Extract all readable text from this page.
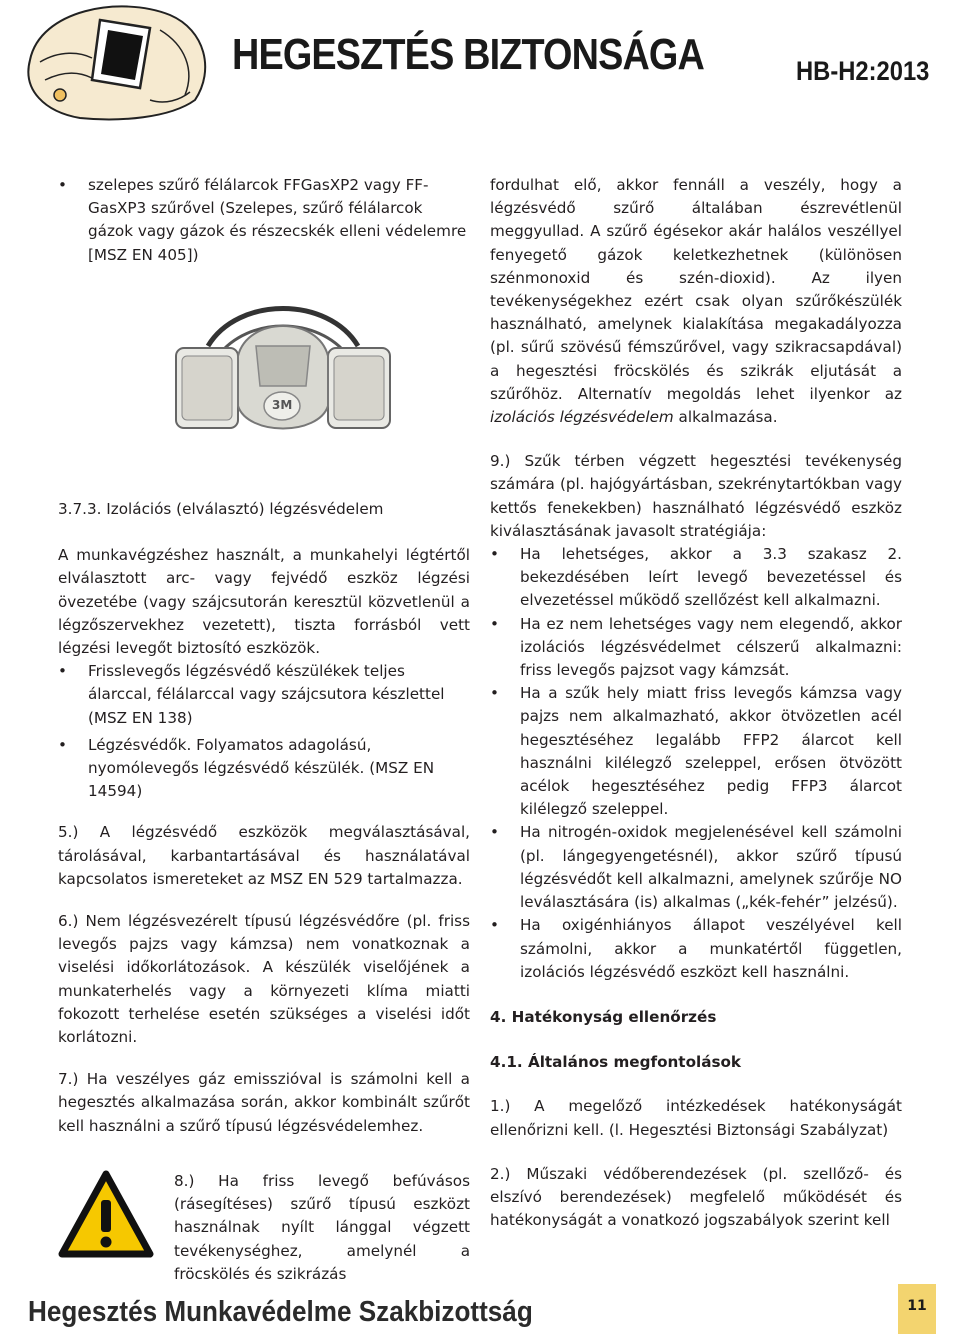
HEGESZTÉS BIZTONSÁGA	HB-H2:2013

• szelepes szűrő félálarcok FFGasXP2 vagy FF-GasXP3 szűrővel (Szelepes, szűrő félálarcok gázok vagy gázok és részecskék elleni védelemre [MSZ EN 405])

3M

3.7.3. Izolációs (elválasztó) légzésvédelem

A munkavégzéshez használt, a munkahelyi légtértől elválasztott arc- vagy fejvédő eszköz légzési övezetébe (vagy szájcsutorán keresztül közvetlenül a légzőszervekhez vezetett), tiszta forrásból vett légzési levegőt biztosító eszközök.

• Frisslevegős légzésvédő készülékek teljes álarccal, félálarccal vagy szájcsutora készlettel (MSZ EN 138)

• Légzésvédők. Folyamatos adagolású, nyomólevegős légzésvédő készülék. (MSZ EN 14594)

5.) A légzésvédő eszközök megválasztásával, tárolásával, karbantartásával és használatával kapcsolatos ismereteket az MSZ EN 529 tartalmazza.

6.) Nem légzésvezérelt típusú légzésvédőre (pl. friss levegős pajzs vagy kámzsa) nem vonatkoznak a viselési időkorlátozások. A készülék viselőjének a munkaterhelés vagy a környezeti klíma miatti fokozott terhelése esetén szükséges a viselési időt korlátozni.

7.) Ha veszélyes gáz emisszióval is számolni kell a hegesztés alkalmazása során, akkor kombinált szűrőt kell használni a szűrő típusú légzésvédelemhez.

8.) Ha friss levegő befúvásos (rásegítéses) szűrő típusú eszközt használnak nyílt lánggal végzett tevékenységhez, amelynél a fröcskölés és szikrázás

fordulhat elő, akkor fennáll a veszély, hogy a légzésvédő szűrő általában észrevétlenül meggyullad. A szűrő égésekor akár halálos veszéllyel fenyegető gázok keletkezhetnek (különösen szénmonoxid és szén-dioxid). Az ilyen tevékenységekhez ezért csak olyan szűrőkészülék használható, amelynek kialakítása megakadályozza (pl. sűrű szövésű fémszűrővel, vagy szikracsapdával) a hegesztési fröcskölés és szikrák eljutását a szűrőhöz. Alternatív megoldás lehet ilyenkor az izolációs légzésvédelem alkalmazása.

9.) Szűk térben végzett hegesztési tevékenység számára (pl. hajógyártásban, szekrénytartókban vagy kettős fenekekben) használható légzésvédő eszköz kiválasztásának javasolt stratégiája:

• Ha lehetséges, akkor a 3.3 szakasz 2. bekezdésében leírt levegő bevezetéssel és elvezetéssel működő szellőzést kell alkalmazni.

• Ha ez nem lehetséges vagy nem elegendő, akkor izolációs légzésvédelmet célszerű alkalmazni: friss levegős pajzsot vagy kámzsát.

• Ha a szűk hely miatt friss levegős kámzsa vagy pajzs nem alkalmazható, akkor ötvözetlen acél hegesztéséhez legalább FFP2 álarcot kell használni kilélegző szeleppel, erősen ötvözött acélok hegesztéséhez pedig FFP3 álarcot kilélegző szeleppel.

• Ha nitrogén-oxidok megjelenésével kell számolni (pl. lángegyengetésnél), akkor szűrő típusú légzésvédőt kell alkalmazni, amelynek szűrője NO leválasztására (is) alkalmas („kék-fehér” jelzésű).

• Ha oxigénhiányos állapot veszélyével kell számolni, akkor a munkatértől független, izolációs légzésvédő eszközt kell használni.

4. Hatékonyság ellenőrzés

4.1. Általános megfontolások

1.) A megelőző intézkedések hatékonyságát ellenőrizni kell. (l. Hegesztési Biztonsági Szabályzat)

2.) Műszaki védőberendezések (pl. szellőző- és elszívó berendezések) megfelelő működését és hatékonyságát a vonatkozó jogszabályok szerint kell

Hegesztés Munkavédelme Szakbizottság	11
